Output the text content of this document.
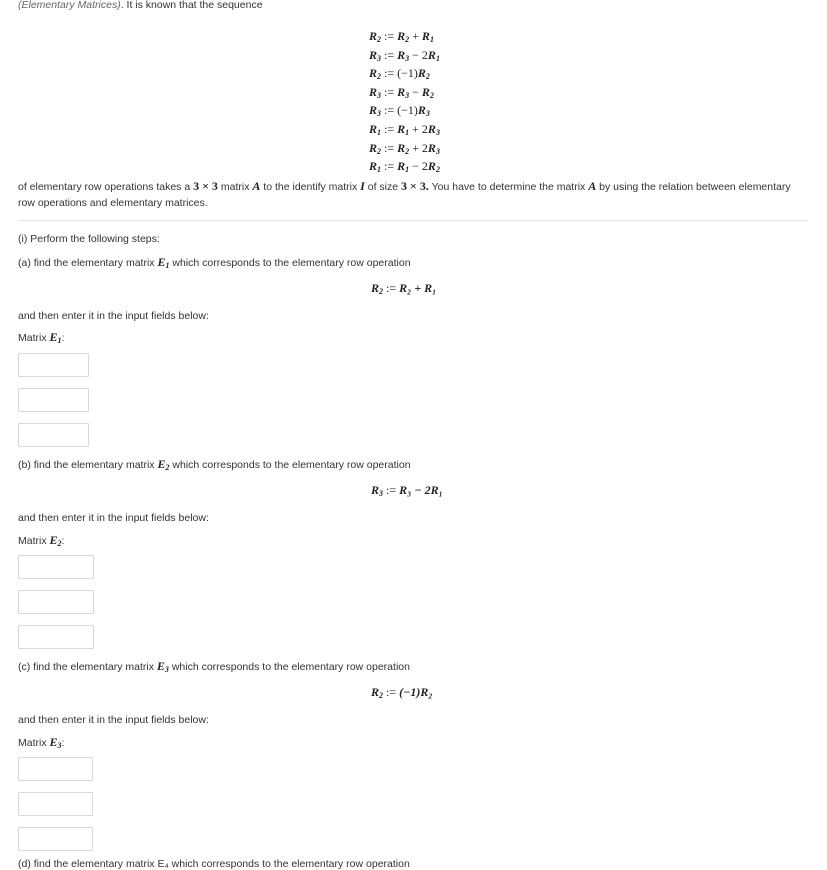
(Elementary Matrices). It is known that the sequence
$R_2$ := $R_2 + R_1$
$R_3$ := $R_3 - 2R_1$
$R_2$ := $(-1)R_2$
$R_3$ := $R_3 - R_2$
$R_3$ := $(-1)R_3$
$R_1$ := $R_1 + 2R_3$
$R_2$ := $R_2 + 2R_3$
$R_1$ := $R_1 - 2R_2$
of elementary row operations takes a 3 × 3 matrix A to the identify matrix I of size 3 × 3. You have to determine the matrix A by using the relation between elementary
row operations and elementary matrices.
(i) Perform the following steps:
(a) find the elementary matrix $E_1$ which corresponds to the elementary row operation
$R_2$ := R₂ + R₁
and then enter it in the input fields below:
Matrix $E_1$:
(b) find the elementary matrix $E_2$ which corresponds to the elementary row operation
$R_3$ := R₃ − 2R₁
and then enter it in the input fields below:
Matrix $E_2$:
(c) find the elementary matrix $E_3$ which corresponds to the elementary row operation
$R_2$ := (−1)R₂
and then enter it in the input fields below:
Matrix $E_3$:
(d) find the elementary matrix E₄ which corresponds to the elementary row operation
